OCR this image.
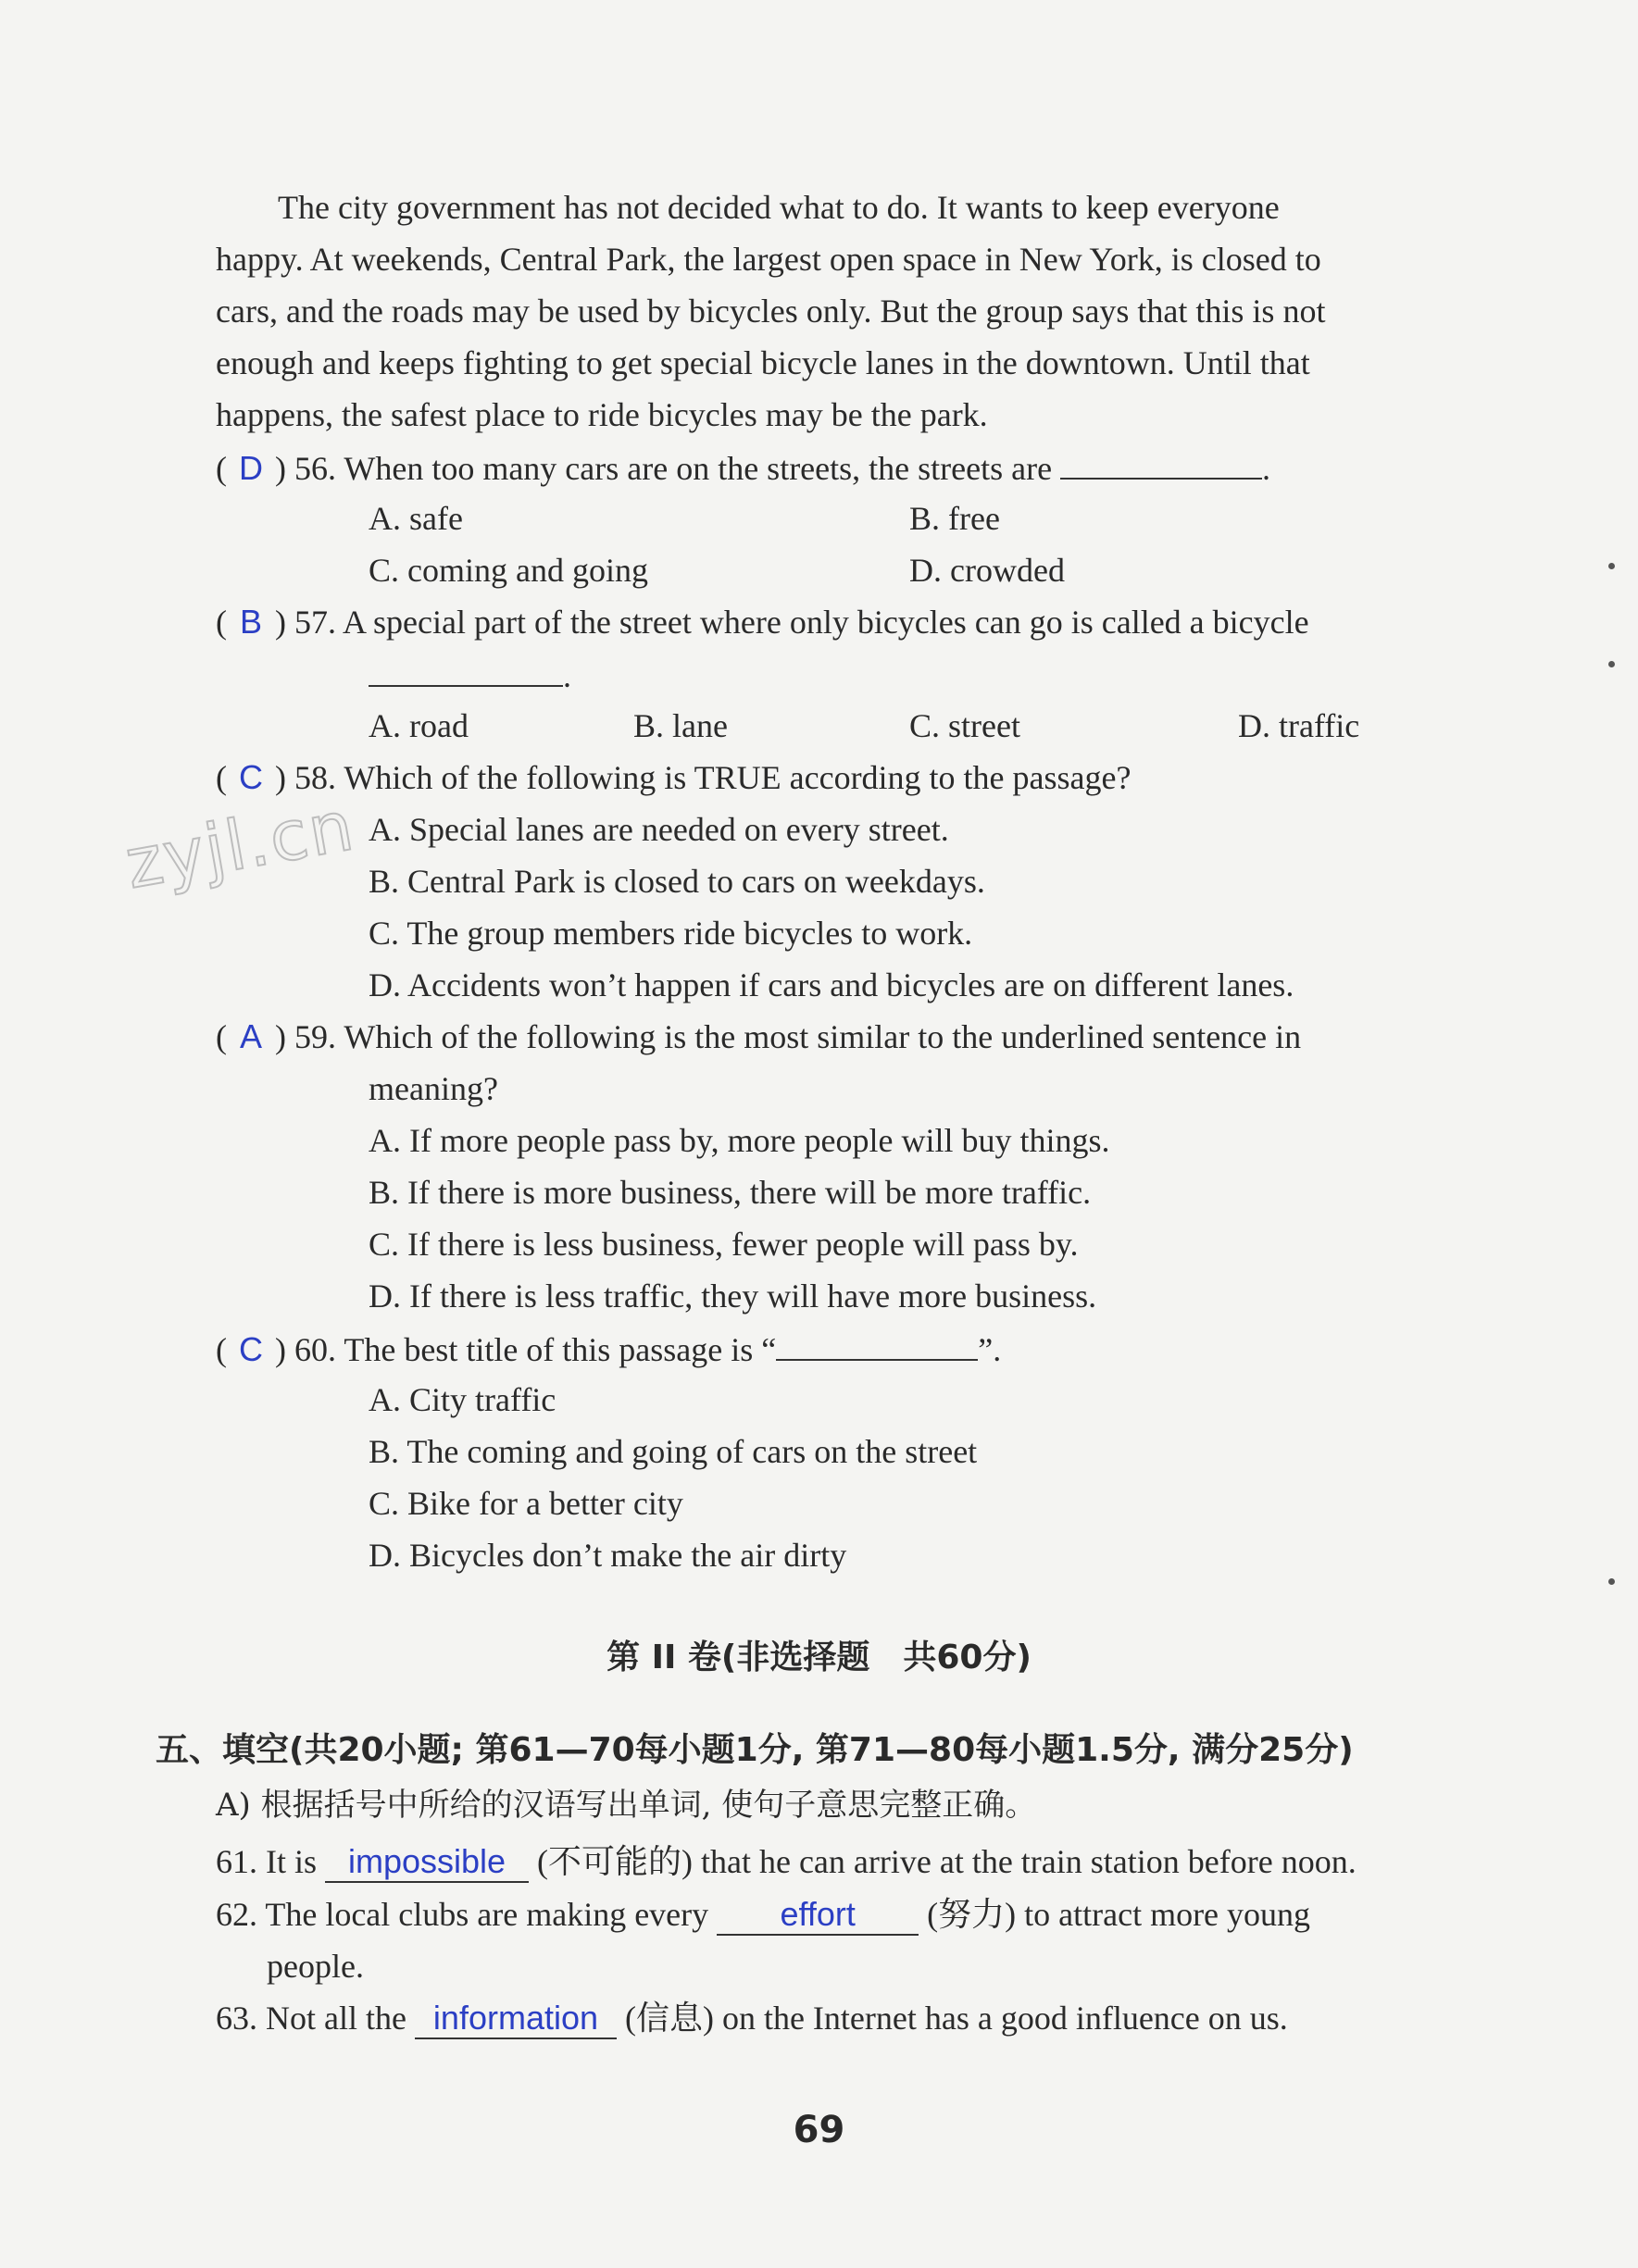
The city government has not decided what to do. It wants to keep everyone
happy. At weekends, Central Park, the largest open space in New York, is closed to
cars, and the roads may be used by bicycles only. But the group says that this is not
enough and keeps fighting to get special bicycle lanes in the downtown. Until that
happens, the safest place to ride bicycles may be the park.
( D ) 56. When too many cars are on the streets, the streets are	.
A. safe	B. free
C. coming and going	D. crowded
( B ) 57. A special part of the street where only bicycles can go is called a bicycle
.
A. road	B. lane	C. street	D. traffic
( C ) 58. Which of the following is TRUE according to the passage?
A. Special lanes are needed on every street.
B. Central Park is closed to cars on weekdays.
C. The group members ride bicycles to work.
D. Accidents won’t happen if cars and bicycles are on different lanes.
( A ) 59. Which of the following is the most similar to the underlined sentence in
meaning?
A. If more people pass by, more people will buy things.
B. If there is more business, there will be more traffic.
C. If there is less business, fewer people will pass by.
D. If there is less traffic, they will have more business.
( C ) 60. The best title of this passage is “	”.
A. City traffic
B. The coming and going of cars on the street
C. Bike for a better city
D. Bicycles don’t make the air dirty
zyjl.cn
第 II 卷(非选择题　共60分)
五、填空(共20小题; 第61—70每小题1分, 第71—80每小题1.5分, 满分25分)
A) 根据括号中所给的汉语写出单词, 使句子意思完整正确。
61. It is impossible (不可能的) that he can arrive at the train station before noon.
62. The local clubs are making every effort (努力) to attract more young
people.
63. Not all the information (信息) on the Internet has a good influence on us.
69
